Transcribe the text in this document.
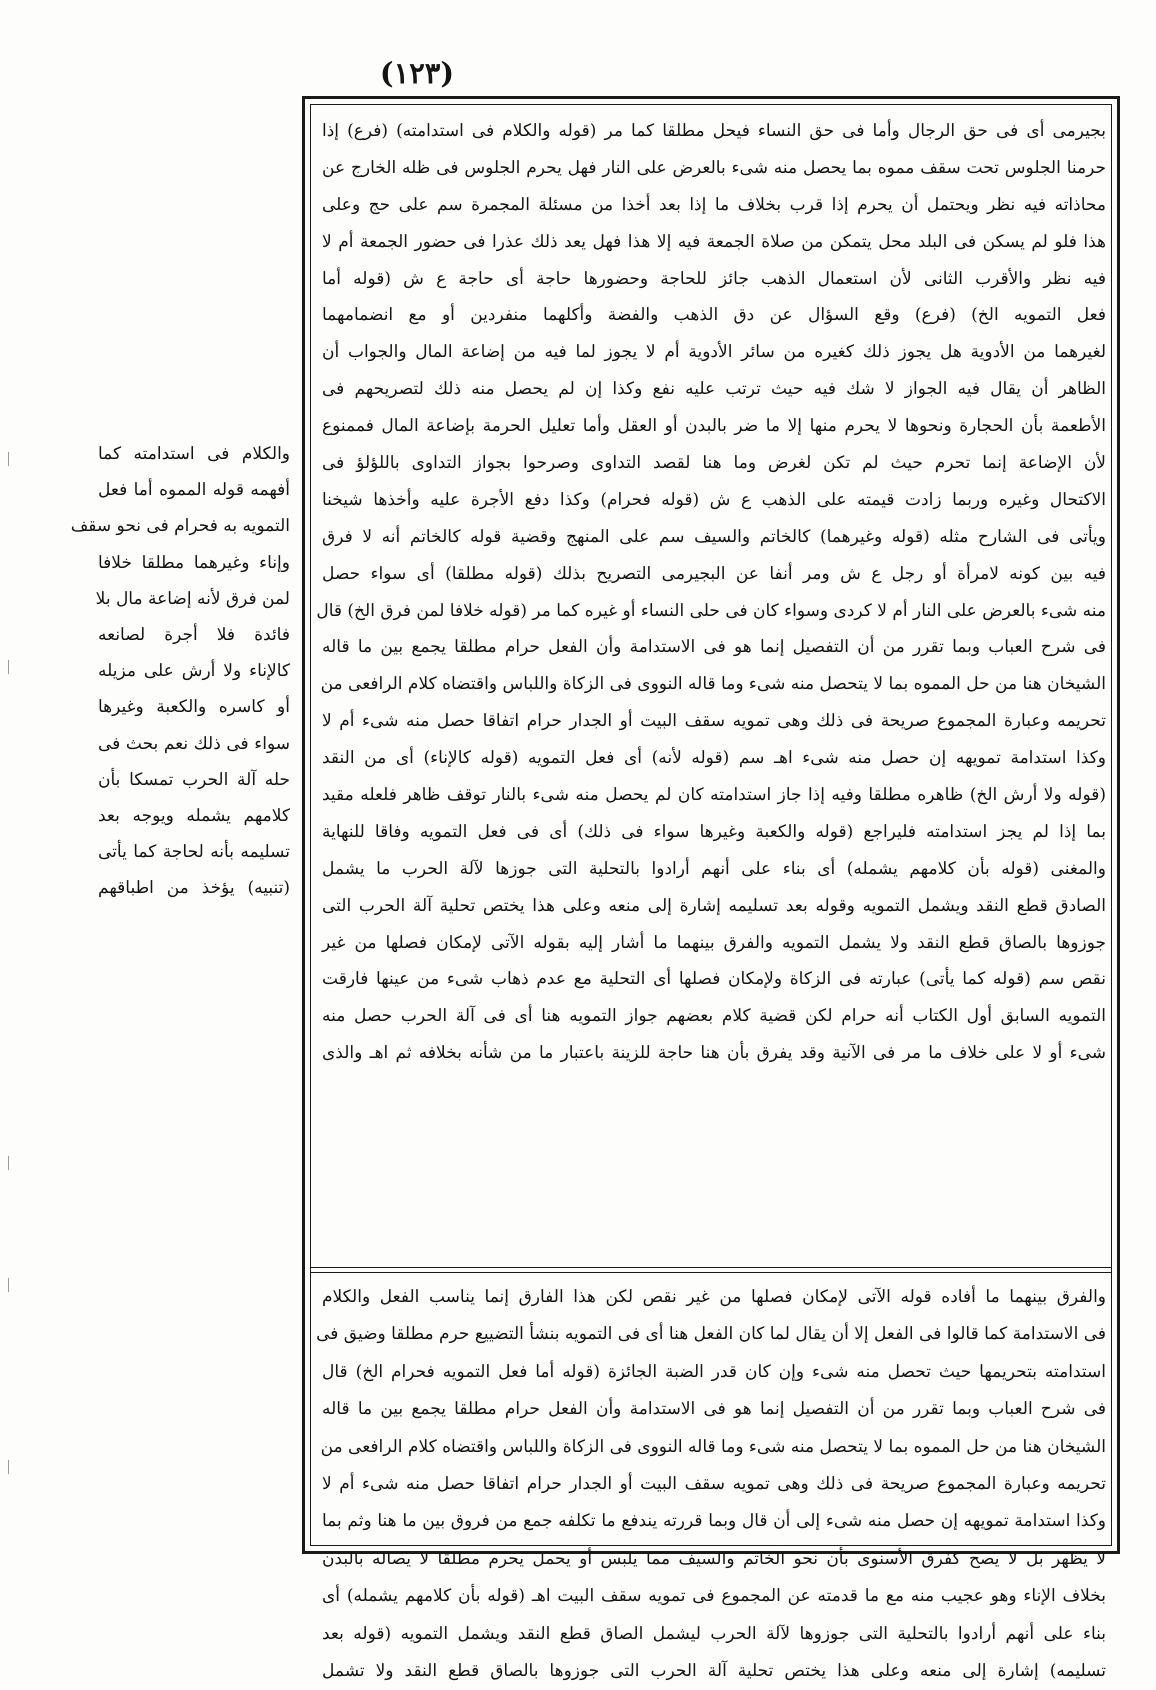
(١٢٣)
بجيرمى أى فى حق الرجال وأما فى حق النساء فيحل مطلقا كما مر (قوله والكلام فى استدامته) (فرع) إذا
حرمنا الجلوس تحت سقف مموه بما يحصل منه شىء بالعرض على النار فهل يحرم الجلوس فى ظله الخارج عن
محاذاته فيه نظر ويحتمل أن يحرم إذا قرب بخلاف ما إذا بعد أخذا من مسئلة المجمرة سم على حج وعلى
هذا فلو لم يسكن فى البلد محل يتمكن من صلاة الجمعة فيه إلا هذا فهل يعد ذلك عذرا فى حضور الجمعة أم لا
فيه نظر والأقرب الثانى لأن استعمال الذهب جائز للحاجة وحضورها حاجة أى حاجة ع ش (قوله أما
فعل التمويه الخ) (فرع) وقع السؤال عن دق الذهب والفضة وأكلهما منفردين أو مع انضمامهما
لغيرهما من الأدوية هل يجوز ذلك كغيره من سائر الأدوية أم لا يجوز لما فيه من إضاعة المال والجواب أن
الظاهر أن يقال فيه الجواز لا شك فيه حيث ترتب عليه نفع وكذا إن لم يحصل منه ذلك لتصريحهم فى
الأطعمة بأن الحجارة ونحوها لا يحرم منها إلا ما ضر بالبدن أو العقل وأما تعليل الحرمة بإضاعة المال فممنوع
لأن الإضاعة إنما تحرم حيث لم تكن لغرض وما هنا لقصد التداوى وصرحوا بجواز التداوى باللؤلؤ فى
الاكتحال وغيره وربما زادت قيمته على الذهب ع ش (قوله فحرام) وكذا دفع الأجرة عليه وأخذها شيخنا
ويأتى فى الشارح مثله (قوله وغيرهما) كالخاتم والسيف سم على المنهج وقضية قوله كالخاتم أنه لا فرق
فيه بين كونه لامرأة أو رجل ع ش ومر أنفا عن البجيرمى التصريح بذلك (قوله مطلقا) أى سواء حصل
منه شىء بالعرض على النار أم لا كردى وسواء كان فى حلى النساء أو غيره كما مر (قوله خلافا لمن فرق الخ) قال
فى شرح العباب وبما تقرر من أن التفصيل إنما هو فى الاستدامة وأن الفعل حرام مطلقا يجمع بين ما قاله
الشيخان هنا من حل المموه بما لا يتحصل منه شىء وما قاله النووى فى الزكاة واللباس واقتضاه كلام الرافعى من
تحريمه وعبارة المجموع صريحة فى ذلك وهى تمويه سقف البيت أو الجدار حرام اتفاقا حصل منه شىء أم لا
وكذا استدامة تمويهه إن حصل منه شىء اهـ سم (قوله لأنه) أى فعل التمويه (قوله كالإناء) أى من النقد
(قوله ولا أرش الخ) ظاهره مطلقا وفيه إذا جاز استدامته كان لم يحصل منه شىء بالنار توقف ظاهر فلعله مقيد
بما إذا لم يجز استدامته فليراجع (قوله والكعبة وغيرها سواء فى ذلك) أى فى فعل التمويه وفاقا للنهاية
والمغنى (قوله بأن كلامهم يشمله) أى بناء على أنهم أرادوا بالتحلية التى جوزها لآلة الحرب ما يشمل
الصادق قطع النقد ويشمل التمويه وقوله بعد تسليمه إشارة إلى منعه وعلى هذا يختص تحلية آلة الحرب التى
جوزوها بالصاق قطع النقد ولا يشمل التمويه والفرق بينهما ما أشار إليه بقوله الآتى لإمكان فصلها من غير
نقص سم (قوله كما يأتى) عبارته فى الزكاة ولإمكان فصلها أى التحلية مع عدم ذهاب شىء من عينها فارقت
التمويه السابق أول الكتاب أنه حرام لكن قضية كلام بعضهم جواز التمويه هنا أى فى آلة الحرب حصل منه
شىء أو لا على خلاف ما مر فى الآنية وقد يفرق بأن هنا حاجة للزينة باعتبار ما من شأنه بخلافه ثم اهـ والذى
والفرق بينهما ما أفاده قوله الآتى لإمكان فصلها من غير نقص لكن هذا الفارق إنما يناسب الفعل والكلام
فى الاستدامة كما قالوا فى الفعل إلا أن يقال لما كان الفعل هنا أى فى التمويه بنشأ التضييع حرم مطلقا وضيق فى
استدامته بتحريمها حيث تحصل منه شىء وإن كان قدر الضبة الجائزة (قوله أما فعل التمويه فحرام الخ) قال
فى شرح العباب وبما تقرر من أن التفصيل إنما هو فى الاستدامة وأن الفعل حرام مطلقا يجمع بين ما قاله
الشيخان هنا من حل المموه بما لا يتحصل منه شىء وما قاله النووى فى الزكاة واللباس واقتضاه كلام الرافعى من
تحريمه وعبارة المجموع صريحة فى ذلك وهى تمويه سقف البيت أو الجدار حرام اتفاقا حصل منه شىء أم لا
وكذا استدامة تمويهه إن حصل منه شىء إلى أن قال وبما قررته يندفع ما تكلفه جمع من فروق بين ما هنا وثم بما
لا يظهر بل لا يصح كفرق الأسنوى بأن نحو الخاتم والسيف مما يلبس أو يحمل يحرم مطلقا لا يصاله بالبدن
بخلاف الإناء وهو عجيب منه مع ما قدمته عن المجموع فى تمويه سقف البيت اهـ (قوله بأن كلامهم يشمله) أى
بناء على أنهم أرادوا بالتحلية التى جوزوها لآلة الحرب ليشمل الصاق قطع النقد ويشمل التمويه (قوله بعد
تسليمه) إشارة إلى منعه وعلى هذا يختص تحلية آلة الحرب التى جوزوها بالصاق قطع النقد ولا تشمل
والكلام فى استدامته كما
أفهمه قوله المموه أما فعل
التمويه به فحرام فى نحو سقف
وإناء وغيرهما مطلقا خلافا
لمن فرق لأنه إضاعة مال بلا
فائدة فلا أجرة لصانعه
كالإناء ولا أرش على مزيله
أو كاسره والكعبة وغيرها
سواء فى ذلك نعم بحث فى
حله آلة الحرب تمسكا بأن
كلامهم يشمله ويوجه بعد
تسليمه بأنه لحاجة كما يأتى
(تنبيه) يؤخذ من اطباقهم
